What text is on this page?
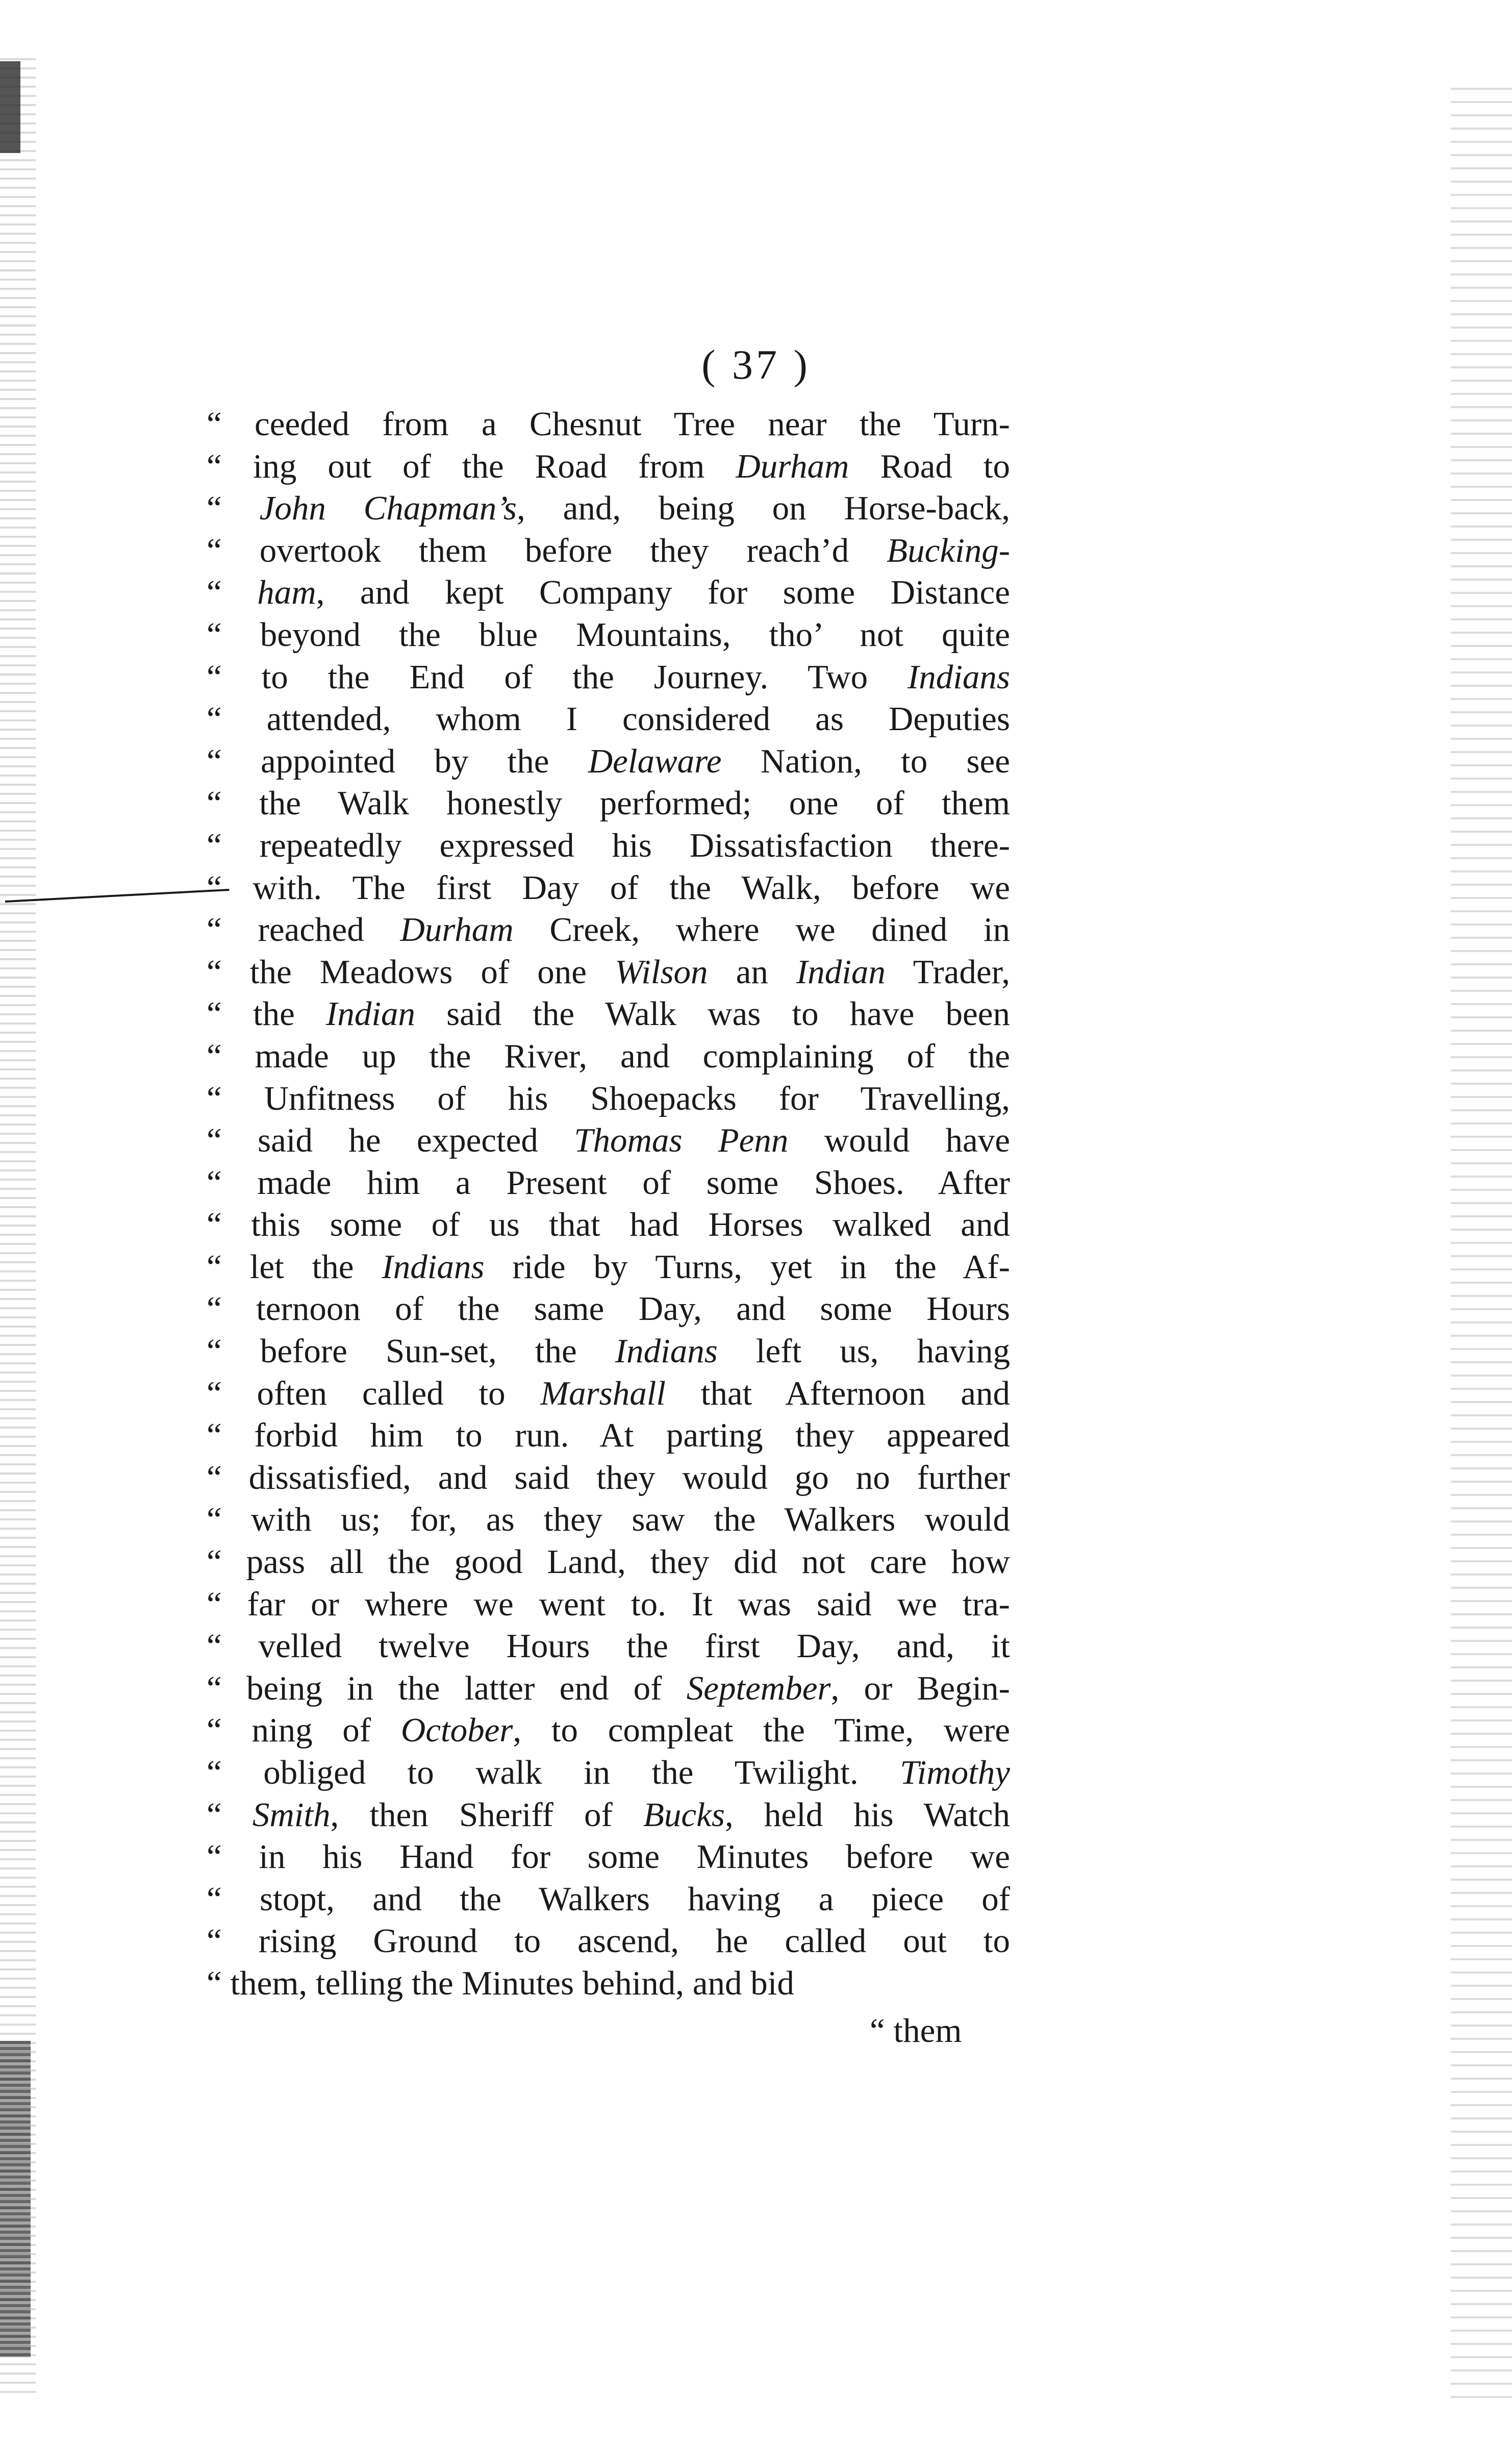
( 37 )
“ ceeded from a Chesnut Tree near the Turn-
“ ing out of the Road from Durham Road to
“ John Chapman’s, and, being on Horse-back,
“ overtook them before they reach’d Bucking-
“ ham, and kept Company for some Distance
“ beyond the blue Mountains, tho’ not quite
“ to the End of the Journey. Two Indians
“ attended, whom I considered as Deputies
“ appointed by the Delaware Nation, to see
“ the Walk honestly performed; one of them
“ repeatedly expressed his Dissatisfaction there-
“ with. The first Day of the Walk, before we
“ reached Durham Creek, where we dined in
“ the Meadows of one Wilson an Indian Trader,
“ the Indian said the Walk was to have been
“ made up the River, and complaining of the
“ Unfitness of his Shoepacks for Travelling,
“ said he expected Thomas Penn would have
“ made him a Present of some Shoes. After
“ this some of us that had Horses walked and
“ let the Indians ride by Turns, yet in the Af-
“ ternoon of the same Day, and some Hours
“ before Sun-set, the Indians left us, having
“ often called to Marshall that Afternoon and
“ forbid him to run. At parting they appeared
“ dissatisfied, and said they would go no further
“ with us; for, as they saw the Walkers would
“ pass all the good Land, they did not care how
“ far or where we went to. It was said we tra-
“ velled twelve Hours the first Day, and, it
“ being in the latter end of September, or Begin-
“ ning of October, to compleat the Time, were
“ obliged to walk in the Twilight. Timothy
“ Smith, then Sheriff of Bucks, held his Watch
“ in his Hand for some Minutes before we
“ stopt, and the Walkers having a piece of
“ rising Ground to ascend, he called out to
“ them, telling the Minutes behind, and bid
“ them
